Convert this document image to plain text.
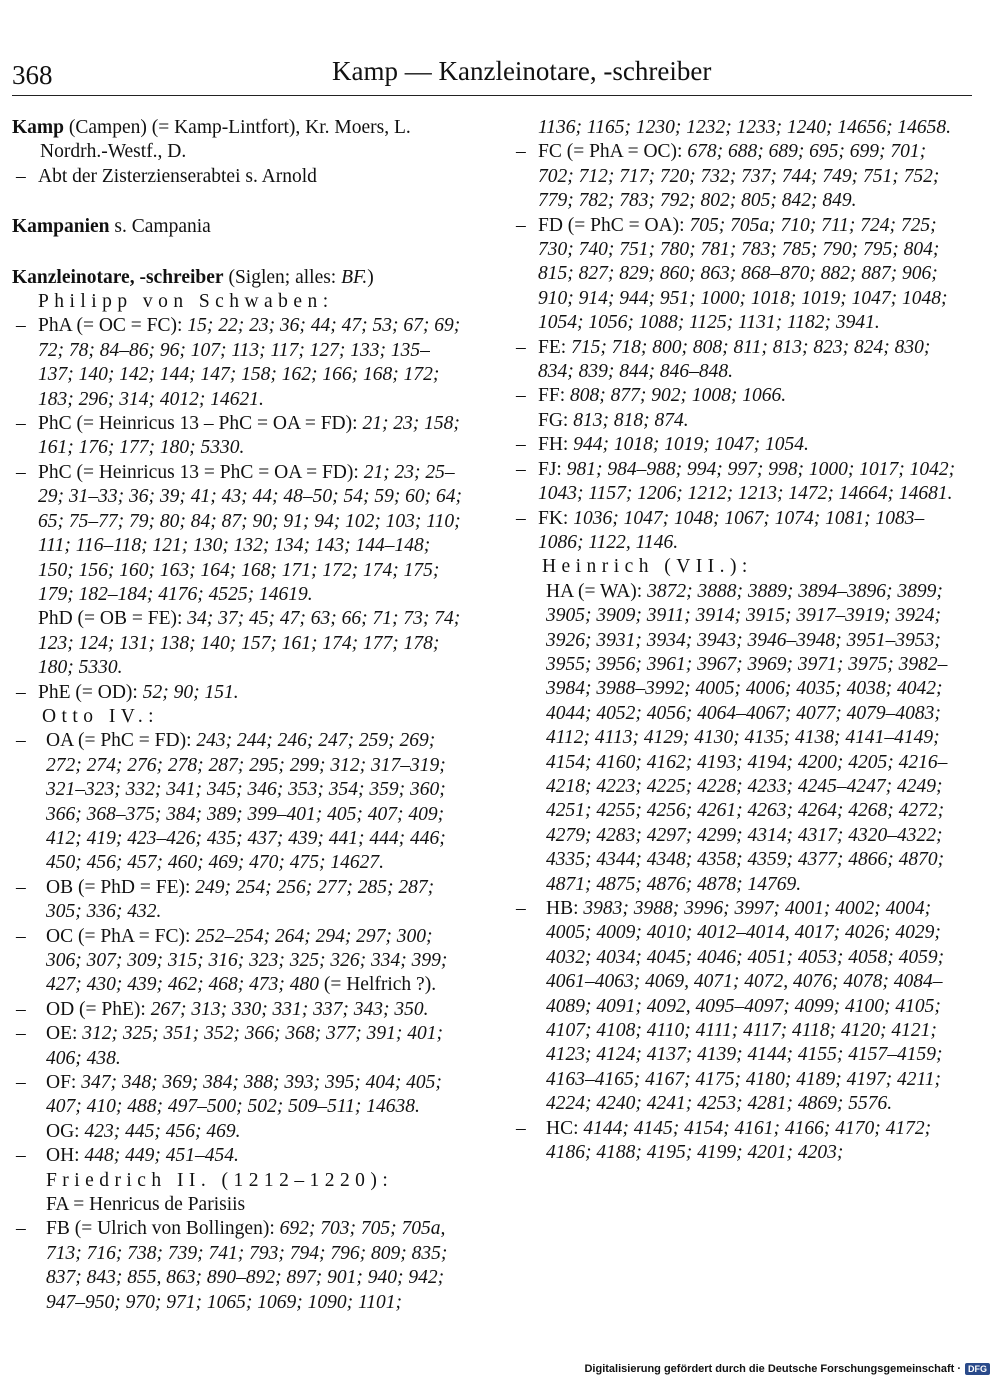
368	Kamp — Kanzleinotare, -schreiber
Kamp (Campen) (= Kamp-Lintfort), Kr. Moers, L. Nordrh.-Westf., D.
– Abt der Zisterzienserabtei s. Arnold
Kampanien s. Campania
Kanzleinotare, -schreiber (Siglen; alles: BF.)
Philipp von Schwaben:
– PhA (= OC = FC): 15; 22; 23; 36; 44; 47; 53; 67; 69; 72; 78; 84–86; 96; 107; 113; 117; 127; 133; 135–137; 140; 142; 144; 147; 158; 162; 166; 168; 172; 183; 296; 314; 4012; 14621.
– PhC (= Heinricus 13 – PhC = OA = FD): 21; 23; 158; 161; 176; 177; 180; 5330.
– PhC (= Heinricus 13 = PhC = OA = FD): 21; 23; 25–29; 31–33; 36; 39; 41; 43; 44; 48–50; 54; 59; 60; 64; 65; 75–77; 79; 80; 84; 87; 90; 91; 94; 102; 103; 110; 111; 116–118; 121; 130; 132; 134; 143; 144–148; 150; 156; 160; 163; 164; 168; 171; 172; 174; 175; 179; 182–184; 4176; 4525; 14619.
PhD (= OB = FE): 34; 37; 45; 47; 63; 66; 71; 73; 74; 123; 124; 131; 138; 140; 157; 161; 174; 177; 178; 180; 5330.
– PhE (= OD): 52; 90; 151.
Otto IV.:
– OA (= PhC = FD): 243; 244; 246; 247; 259; 269; 272; 274; 276; 278; 287; 295; 299; 312; 317–319; 321–323; 332; 341; 345; 346; 353; 354; 359; 360; 366; 368–375; 384; 389; 399–401; 405; 407; 409; 412; 419; 423–426; 435; 437; 439; 441; 444; 446; 450; 456; 457; 460; 469; 470; 475; 14627.
– OB (= PhD = FE): 249; 254; 256; 277; 285; 287; 305; 336; 432.
– OC (= PhA = FC): 252–254; 264; 294; 297; 300; 306; 307; 309; 315; 316; 323; 325; 326; 334; 399; 427; 430; 439; 462; 468; 473; 480 (= Helfrich ?).
– OD (= PhE): 267; 313; 330; 331; 337; 343; 350.
– OE: 312; 325; 351; 352; 366; 368; 377; 391; 401; 406; 438.
– OF: 347; 348; 369; 384; 388; 393; 395; 404; 405; 407; 410; 488; 497–500; 502; 509–511; 14638.
OG: 423; 445; 456; 469.
– OH: 448; 449; 451–454.
Friedrich II. (1212–1220):
FA = Henricus de Parisiis
– FB (= Ulrich von Bollingen): 692; 703; 705; 705a, 713; 716; 738; 739; 741; 793; 794; 796; 809; 835; 837; 843; 855, 863; 890–892; 897; 901; 940; 942; 947–950; 970; 971; 1065; 1069; 1090; 1101;
1136; 1165; 1230; 1232; 1233; 1240; 14656; 14658.
– FC (= PhA = OC): 678; 688; 689; 695; 699; 701; 702; 712; 717; 720; 732; 737; 744; 749; 751; 752; 779; 782; 783; 792; 802; 805; 842; 849.
– FD (= PhC = OA): 705; 705a; 710; 711; 724; 725; 730; 740; 751; 780; 781; 783; 785; 790; 795; 804; 815; 827; 829; 860; 863; 868–870; 882; 887; 906; 910; 914; 944; 951; 1000; 1018; 1019; 1047; 1048; 1054; 1056; 1088; 1125; 1131; 1182; 3941.
– FE: 715; 718; 800; 808; 811; 813; 823; 824; 830; 834; 839; 844; 846–848.
– FF: 808; 877; 902; 1008; 1066.
FG: 813; 818; 874.
– FH: 944; 1018; 1019; 1047; 1054.
– FJ: 981; 984–988; 994; 997; 998; 1000; 1017; 1042; 1043; 1157; 1206; 1212; 1213; 1472; 14664; 14681.
– FK: 1036; 1047; 1048; 1067; 1074; 1081; 1083–1086; 1122, 1146.
Heinrich (VII.):
HA (= WA): 3872; 3888; 3889; 3894–3896; 3899; 3905; 3909; 3911; 3914; 3915; 3917–3919; 3924; 3926; 3931; 3934; 3943; 3946–3948; 3951–3953; 3955; 3956; 3961; 3967; 3969; 3971; 3975; 3982–3984; 3988–3992; 4005; 4006; 4035; 4038; 4042; 4044; 4052; 4056; 4064–4067; 4077; 4079–4083; 4112; 4113; 4129; 4130; 4135; 4138; 4141–4149; 4154; 4160; 4162; 4193; 4194; 4200; 4205; 4216–4218; 4223; 4225; 4228; 4233; 4245–4247; 4249; 4251; 4255; 4256; 4261; 4263; 4264; 4268; 4272; 4279; 4283; 4297; 4299; 4314; 4317; 4320–4322; 4335; 4344; 4348; 4358; 4359; 4377; 4866; 4870; 4871; 4875; 4876; 4878; 14769.
– HB: 3983; 3988; 3996; 3997; 4001; 4002; 4004; 4005; 4009; 4010; 4012–4014, 4017; 4026; 4029; 4032; 4034; 4045; 4046; 4051; 4053; 4058; 4059; 4061–4063; 4069, 4071; 4072, 4076; 4078; 4084–4089; 4091; 4092, 4095–4097; 4099; 4100; 4105; 4107; 4108; 4110; 4111; 4117; 4118; 4120; 4121; 4123; 4124; 4137; 4139; 4144; 4155; 4157–4159; 4163–4165; 4167; 4175; 4180; 4189; 4197; 4211; 4224; 4240; 4241; 4253; 4281; 4869; 5576.
– HC: 4144; 4145; 4154; 4161; 4166; 4170; 4172; 4186; 4188; 4195; 4199; 4201; 4203;
Digitalisierung gefördert durch die Deutsche Forschungsgemeinschaft · DFG
